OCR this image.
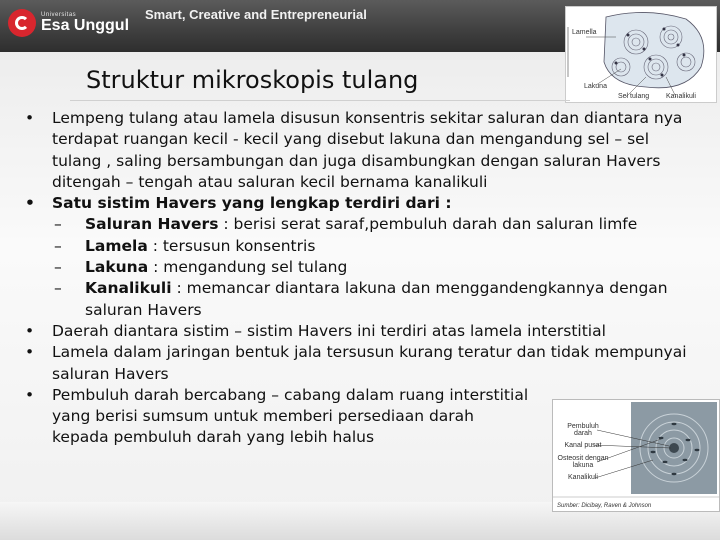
Universitas
Esa Unggul
Smart, Creative and Entrepreneurial
Lamella
Lakuna
Sel tulang Kanalikuli
Struktur mikroskopis tulang
• Lempeng tulang atau lamela disusun konsentris sekitar saluran dan diantara nya terdapat ruangan kecil - kecil yang disebut lakuna dan mengandung sel – sel tulang , saling bersambungan dan juga disambungkan dengan saluran Havers ditengah – tengah atau saluran kecil bernama kanalikuli
• Satu sistim Havers yang lengkap terdiri dari :
– Saluran Havers : berisi serat saraf,pembuluh darah dan saluran limfe
– Lamela : tersusun konsentris
– Lakuna : mengandung sel tulang
– Kanalikuli : memancar diantara lakuna dan menggandengkannya dengan saluran Havers
• Daerah diantara sistim – sistim Havers ini terdiri atas lamela interstitial
• Lamela dalam jaringan bentuk jala tersusun kurang teratur dan tidak mempunyai saluran Havers
• Pembuluh darah bercabang – cabang dalam ruang interstitial
yang berisi sumsum untuk memberi persediaan darah
kepada pembuluh darah yang lebih halus
Pembuluh darah
Kanal pusat
Osteosit dengan lakuna
Kanalikuli
Sumber: Dicibay, Raven & Johnson
